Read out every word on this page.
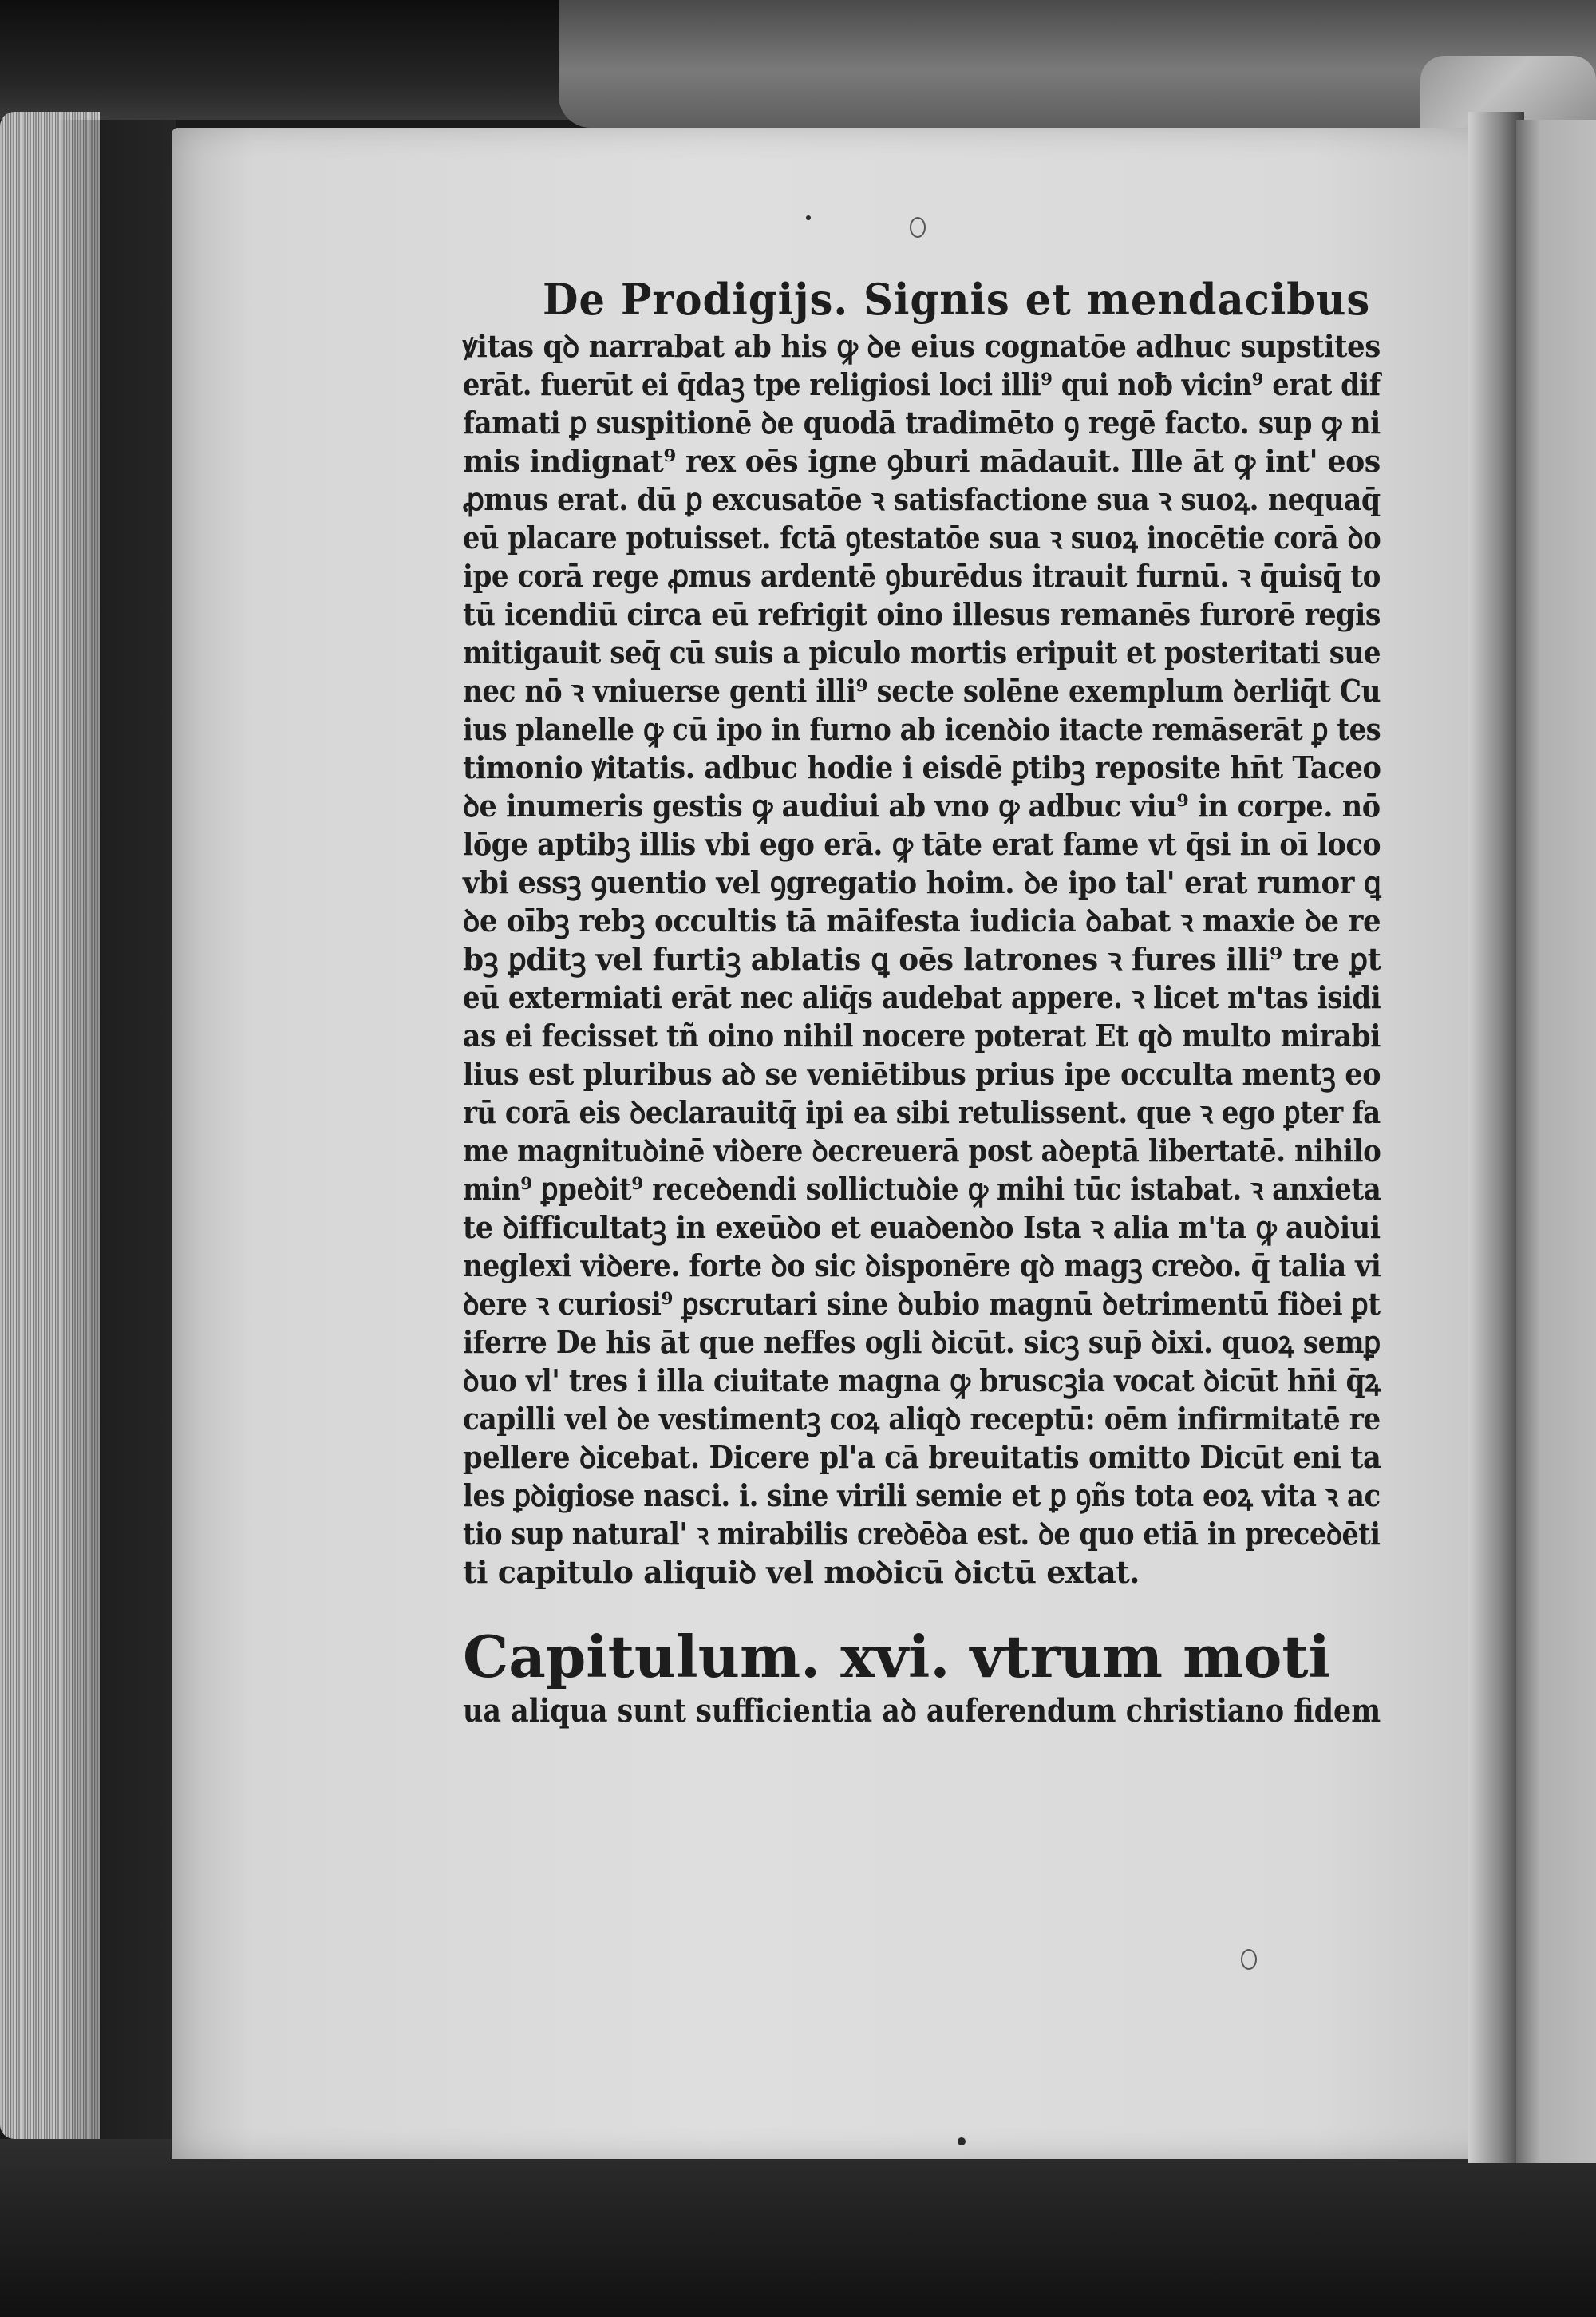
De Prodigijs. Signis et mendacibus
ꝟitas qꝺ narrabat ab his ꝙ ꝺe eius cognatōe adhuc supstites
erāt. fuerūt ei q̄daꝫ tpe religiosi loci illi⁹ qui noƀ vicin⁹ erat dif
famati ꝑ suspitionē ꝺe quodā tradimēto ꝯ regē facto. sup ꝙ ni
mis indignat⁹ rex oēs igne ꝯburi mādauit. Ille āt ꝙ int' eos
ꝓmus erat. dū ꝑ excusatōe ꝛ satisfactione sua ꝛ suoꝝ. nequaq̄
eū placare potuisset. fctā ꝯtestatōe sua ꝛ suoꝝ inocētie corā ꝺo
ipe corā rege ꝓmus ardentē ꝯburēdus itrauit furnū. ꝛ q̄uisq̄ to
tū icendiū circa eū refrigit oino illesus remanēs furorē regis
mitigauit seq̄ cū suis a piculo mortis eripuit et posteritati sue
nec nō ꝛ vniuerse genti illi⁹ secte solēne exemplum ꝺerliq̄t Cu
ius planelle ꝙ cū ipo in furno ab icenꝺio itacte remāserāt ꝑ tes
timonio ꝟitatis. adbuc hodie i eisdē ꝑtibꝫ reposite hn̄t Taceo
ꝺe inumeris gestis ꝙ audiui ab vno ꝙ adbuc viu⁹ in corpe. nō
lōge aptibꝫ illis vbi ego erā. ꝙ tāte erat fame vt q̄si in oī loco
vbi essꝫ ꝯuentio vel ꝯgregatio hoim. ꝺe ipo tal' erat rumor ꝗ
ꝺe oībꝫ rebꝫ occultis tā māifesta iudicia ꝺabat ꝛ maxie ꝺe re
bꝫ ꝑditꝫ vel furtiꝫ ablatis ꝗ oēs latrones ꝛ fures illi⁹ tre ꝑt
eū extermiati erāt nec aliq̄s audebat appere. ꝛ licet m'tas isidi
as ei fecisset tñ oino nihil nocere poterat Et qꝺ multo mirabi
lius est pluribus aꝺ se veniētibus prius ipe occulta mentꝫ eo
rū corā eis ꝺeclarauitq̄ ipi ea sibi retulissent. que ꝛ ego ꝑter fa
me magnituꝺinē viꝺere ꝺecreuerā post aꝺeptā libertatē. nihilo
min⁹ ꝑpeꝺit⁹ receꝺendi sollictuꝺie ꝙ mihi tūc istabat. ꝛ anxieta
te ꝺifficultatꝫ in exeūꝺo et euaꝺenꝺo Ista ꝛ alia m'ta ꝙ auꝺiui
neglexi viꝺere. forte ꝺo sic ꝺisponēre qꝺ magꝫ creꝺo. q̄ talia vi
ꝺere ꝛ curiosi⁹ ꝑscrutari sine ꝺubio magnū ꝺetrimentū fiꝺei ꝑt
iferre De his āt que neffes ogli ꝺicūt. sicꝫ sup̄ ꝺixi. quoꝝ semꝑ
ꝺuo vl' tres i illa ciuitate magna ꝙ bruscꝫia vocat ꝺicūt hn̄i q̄ꝝ
capilli vel ꝺe vestimentꝫ coꝝ aliqꝺ receptū: oēm infirmitatē re
pellere ꝺicebat. Dicere pl'a cā breuitatis omitto Dicūt eni ta
les ꝑꝺigiose nasci. i. sine virili semie et ꝑ ꝯñs tota eoꝝ vita ꝛ ac
tio sup natural' ꝛ mirabilis creꝺēꝺa est. ꝺe quo etiā in preceꝺēti
ti capitulo aliquiꝺ vel moꝺicū ꝺictū extat.
Capitulum. xvi. vtrum moti
ua aliqua sunt sufficientia aꝺ auferendum christiano fidem
